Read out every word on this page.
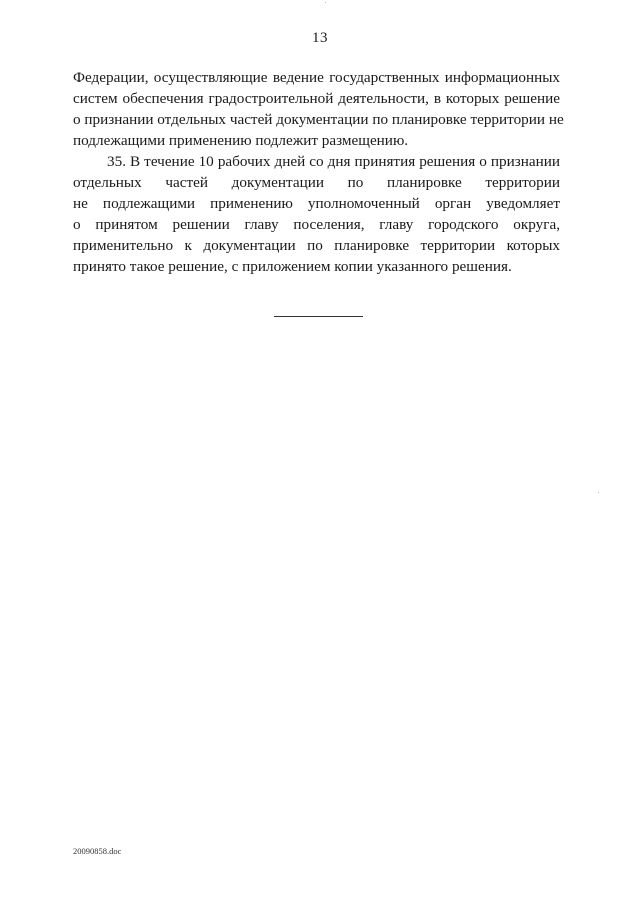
13
Федерации, осуществляющие ведение государственных информационных
систем обеспечения градостроительной деятельности, в которых решение
о признании отдельных частей документации по планировке территории не
подлежащими применению подлежит размещению.
35. В течение 10 рабочих дней со дня принятия решения о признании
отдельных частей документации по планировке территории
не подлежащими применению уполномоченный орган уведомляет
о принятом решении главу поселения, главу городского округа,
применительно к документации по планировке территории которых
принято такое решение, с приложением копии указанного решения.
20090858.doc
